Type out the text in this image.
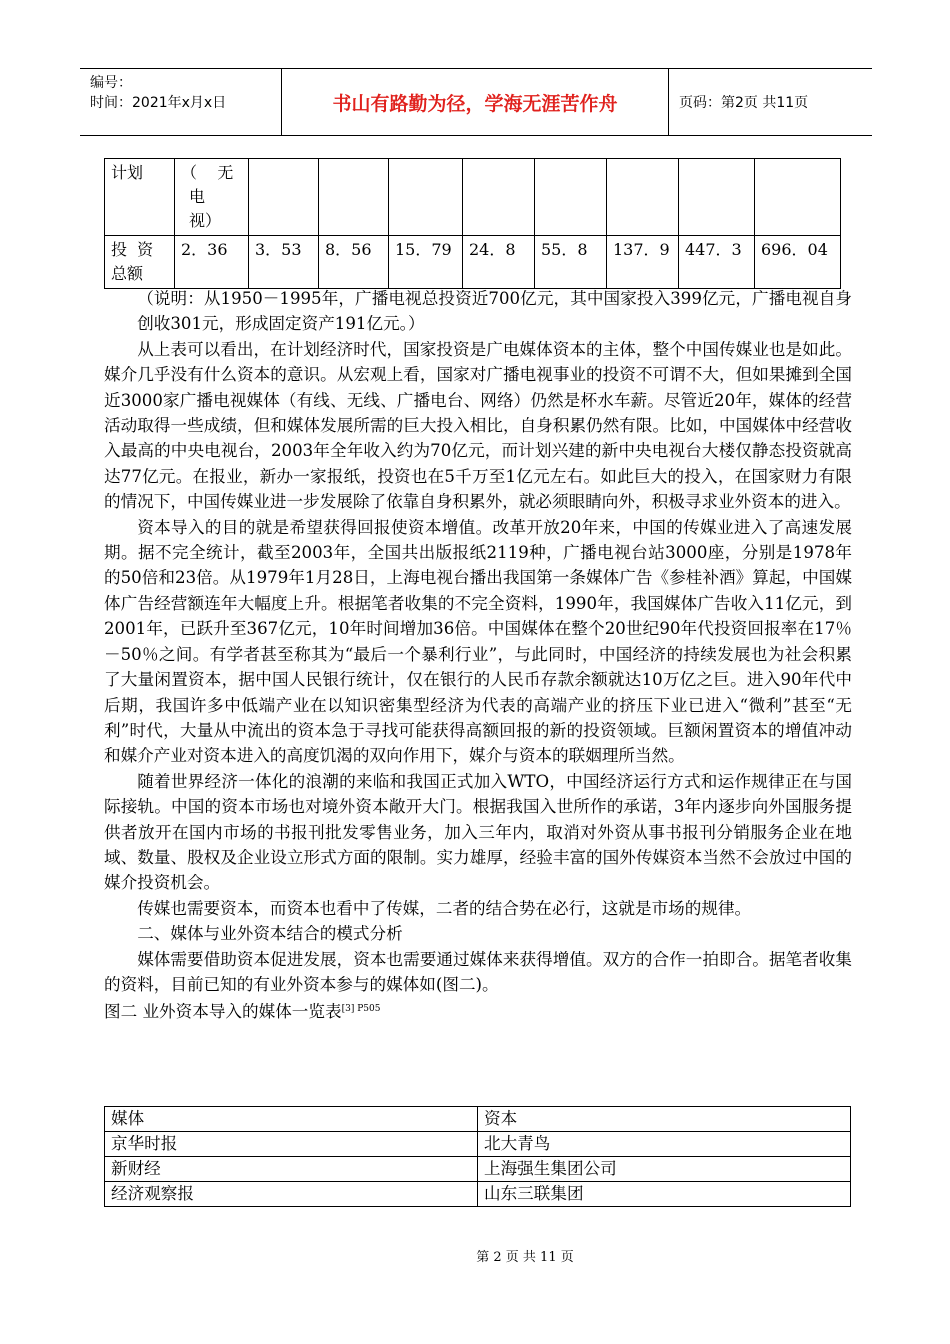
编号：
时间：2021年x月x日	书山有路勤为径，学海无涯苦作舟	页码：第2页 共11页
计划	（    无
电
视）								

投  资
总额	2．36	3．53	8．56	15．79	24．8	55．8	137．9	447．3	696．04

（说明：从1950－1995年，广播电视总投资近700亿元，其中国家投入399亿元，广播电视自身创收301元，形成固定资产191亿元。）

从上表可以看出，在计划经济时代，国家投资是广电媒体资本的主体，整个中国传媒业也是如此。媒介几乎没有什么资本的意识。从宏观上看，国家对广播电视事业的投资不可谓不大，但如果摊到全国近3000家广播电视媒体（有线、无线、广播电台、网络）仍然是杯水车薪。尽管近20年，媒体的经营活动取得一些成绩，但和媒体发展所需的巨大投入相比，自身积累仍然有限。比如，中国媒体中经营收入最高的中央电视台，2003年全年收入约为70亿元，而计划兴建的新中央电视台大楼仅静态投资就高达77亿元。在报业，新办一家报纸，投资也在5千万至1亿元左右。如此巨大的投入，在国家财力有限的情况下，中国传媒业进一步发展除了依靠自身积累外，就必须眼睛向外，积极寻求业外资本的进入。

资本导入的目的就是希望获得回报使资本增值。改革开放20年来，中国的传媒业进入了高速发展期。据不完全统计，截至2003年，全国共出版报纸2119种，广播电视台站3000座，分别是1978年的50倍和23倍。从1979年1月28日，上海电视台播出我国第一条媒体广告《参桂补酒》算起，中国媒体广告经营额连年大幅度上升。根据笔者收集的不完全资料，1990年，我国媒体广告收入11亿元，到2001年，已跃升至367亿元，10年时间增加36倍。中国媒体在整个20世纪90年代投资回报率在17％－50％之间。有学者甚至称其为“最后一个暴利行业”，与此同时，中国经济的持续发展也为社会积累了大量闲置资本，据中国人民银行统计，仅在银行的人民币存款余额就达10万亿之巨。进入90年代中后期，我国许多中低端产业在以知识密集型经济为代表的高端产业的挤压下业已进入“微利”甚至“无利”时代，大量从中流出的资本急于寻找可能获得高额回报的新的投资领域。巨额闲置资本的增值冲动和媒介产业对资本进入的高度饥渴的双向作用下，媒介与资本的联姻理所当然。

随着世界经济一体化的浪潮的来临和我国正式加入WTO，中国经济运行方式和运作规律正在与国际接轨。中国的资本市场也对境外资本敞开大门。根据我国入世所作的承诺，3年内逐步向外国服务提供者放开在国内市场的书报刊批发零售业务，加入三年内，取消对外资从事书报刊分销服务企业在地域、数量、股权及企业设立形式方面的限制。实力雄厚，经验丰富的国外传媒资本当然不会放过中国的媒介投资机会。

传媒也需要资本，而资本也看中了传媒，二者的结合势在必行，这就是市场的规律。

二、媒体与业外资本结合的模式分析

媒体需要借助资本促进发展，资本也需要通过媒体来获得增值。双方的合作一拍即合。据笔者收集的资料，目前已知的有业外资本参与的媒体如(图二)。

图二 业外资本导入的媒体一览表$^{[3] P505}$

媒体	资本
京华时报	北大青鸟
新财经	上海强生集团公司
经济观察报	山东三联集团
第 2 页 共 11 页
